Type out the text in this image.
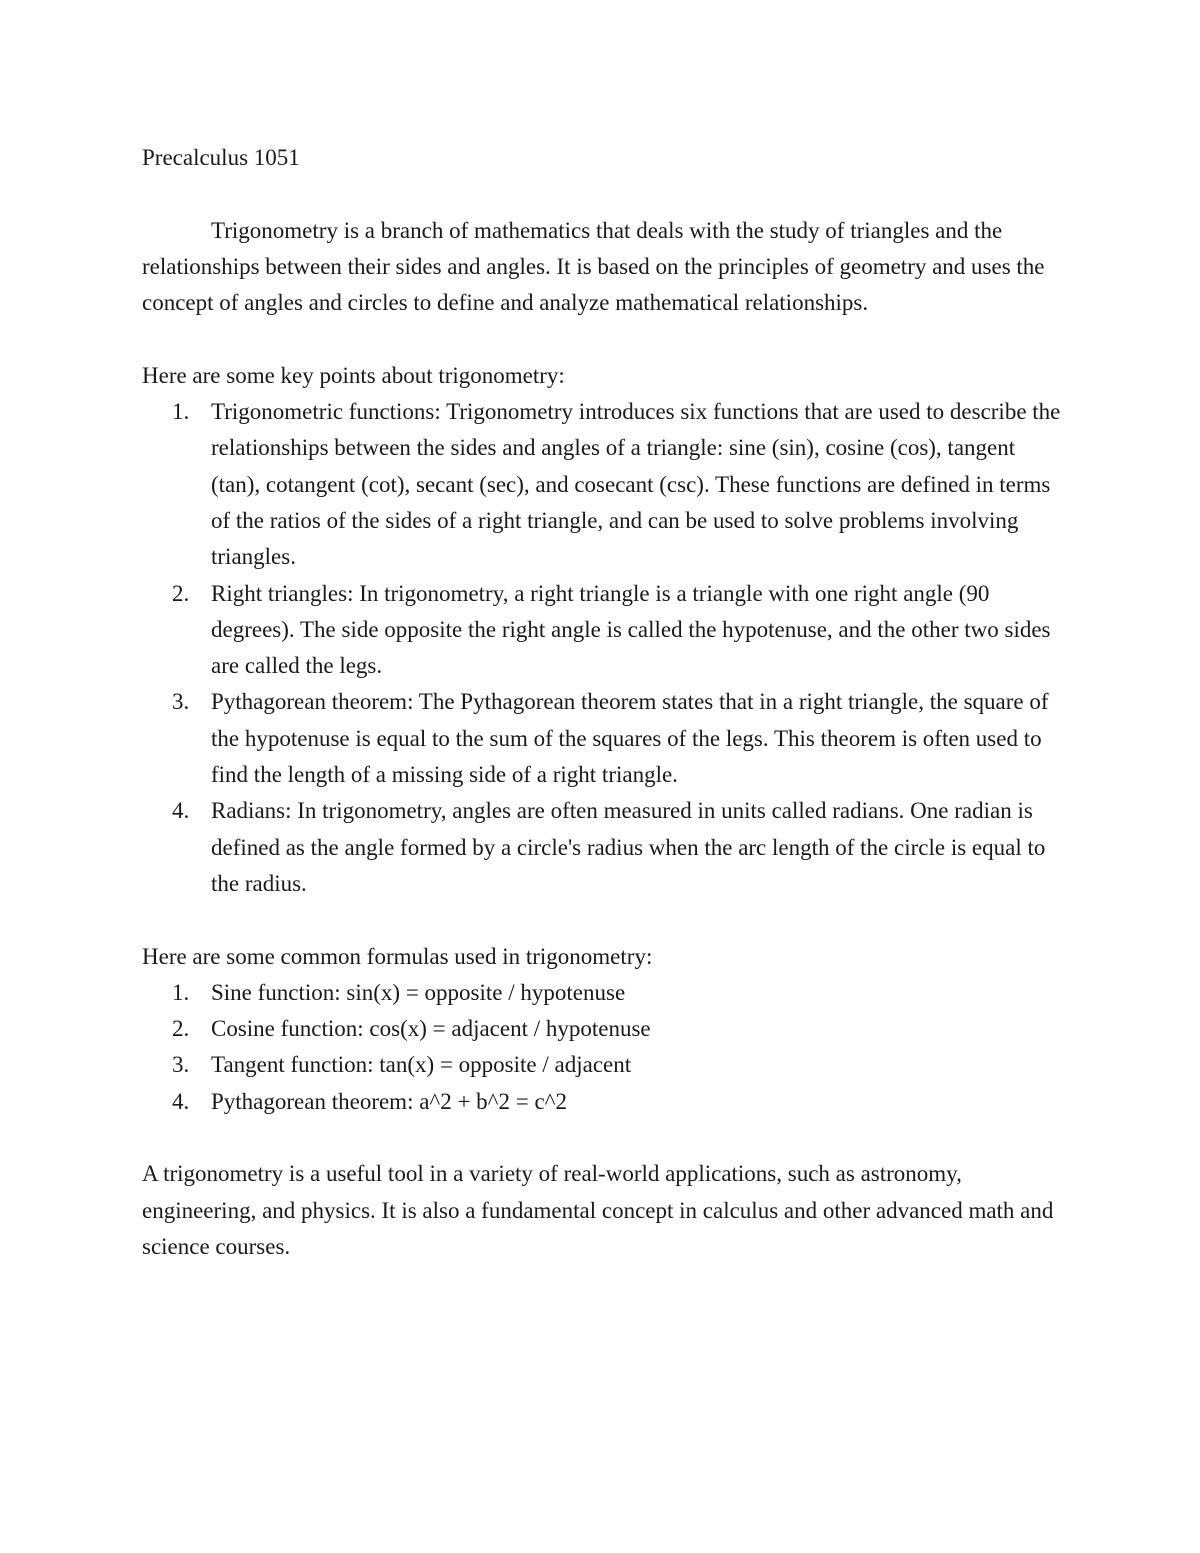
Precalculus 1051

Trigonometry is a branch of mathematics that deals with the study of triangles and the relationships between their sides and angles. It is based on the principles of geometry and uses the concept of angles and circles to define and analyze mathematical relationships.

Here are some key points about trigonometry:

1. Trigonometric functions: Trigonometry introduces six functions that are used to describe the relationships between the sides and angles of a triangle: sine (sin), cosine (cos), tangent (tan), cotangent (cot), secant (sec), and cosecant (csc). These functions are defined in terms of the ratios of the sides of a right triangle, and can be used to solve problems involving triangles.
2. Right triangles: In trigonometry, a right triangle is a triangle with one right angle (90 degrees). The side opposite the right angle is called the hypotenuse, and the other two sides are called the legs.
3. Pythagorean theorem: The Pythagorean theorem states that in a right triangle, the square of the hypotenuse is equal to the sum of the squares of the legs. This theorem is often used to find the length of a missing side of a right triangle.
4. Radians: In trigonometry, angles are often measured in units called radians. One radian is defined as the angle formed by a circle's radius when the arc length of the circle is equal to the radius.

Here are some common formulas used in trigonometry:

1. Sine function: sin(x) = opposite / hypotenuse
2. Cosine function: cos(x) = adjacent / hypotenuse
3. Tangent function: tan(x) = opposite / adjacent
4. Pythagorean theorem: a^2 + b^2 = c^2

A trigonometry is a useful tool in a variety of real-world applications, such as astronomy, engineering, and physics. It is also a fundamental concept in calculus and other advanced math and science courses.
